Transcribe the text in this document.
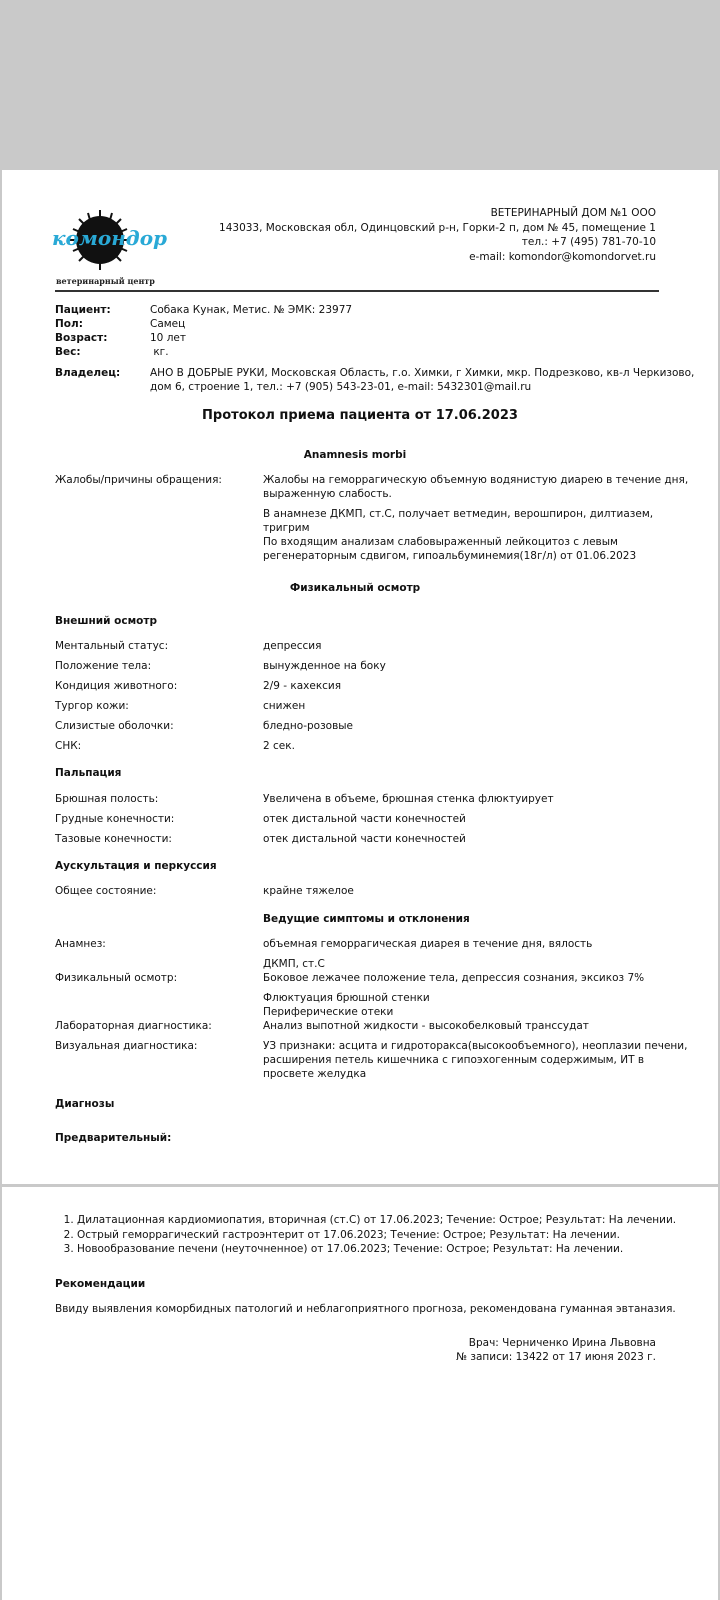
комондор
ветеринарный центр
ВЕТЕРИНАРНЫЙ ДОМ №1 ООО
143033, Московская обл, Одинцовский р-н, Горки-2 п, дом № 45, помещение 1
тел.: +7 (495) 781-70-10
e-mail: komondor@komondorvet.ru
Пациент:	Собака Кунак, Метис. № ЭМК: 23977
Пол:	Самец
Возраст:	10 лет
Вес:	кг.
Владелец:	АНО В ДОБРЫЕ РУКИ, Московская Область, г.о. Химки, г Химки, мкр. Подрезково, кв-л Черкизово,
дом 6, строение 1, тел.: +7 (905) 543-23-01, e-mail: 5432301@mail.ru
Протокол приема пациента от 17.06.2023
Anamnesis morbi
Жалобы/причины обращения:	Жалобы на геморрагическую объемную водянистую диарею в течение дня,
выраженную слабость.
В анамнезе ДКМП, ст.С, получает ветмедин, верошпирон, дилтиазем,
тригрим
По входящим анализам слабовыраженный лейкоцитоз с левым
регенераторным сдвигом, гипоальбуминемия(18г/л) от 01.06.2023
Физикальный осмотр
Внешний осмотр
Ментальный статус:	депрессия
Положение тела:	вынужденное на боку
Кондиция животного:	2/9 - кахексия
Тургор кожи:	снижен
Слизистые оболочки:	бледно-розовые
СНК:	2 сек.
Пальпация
Брюшная полость:	Увеличена в объеме, брюшная стенка флюктуирует
Грудные конечности:	отек дистальной части конечностей
Тазовые конечности:	отек дистальной части конечностей
Аускультация и перкуссия
Общее состояние:	крайне тяжелое
Ведущие симптомы и отклонения
Анамнез:	объемная геморрагическая диарея в течение дня, вялость
ДКМП, ст.С
Физикальный осмотр:	Боковое лежачее положение тела, депрессия сознания, эксикоз 7%
Флюктуация брюшной стенки
Периферические отеки
Лабораторная диагностика:	Анализ выпотной жидкости - высокобелковый транссудат
Визуальная диагностика:	УЗ признаки: асцита и гидроторакса(высокообъемного), неоплазии печени,
расширения петель кишечника с гипоэхогенным содержимым, ИТ в
просвете желудка
Диагнозы
Предварительный:
1. Дилатационная кардиомиопатия, вторичная (ст.С) от 17.06.2023; Течение: Острое; Результат: На лечении.
2. Острый геморрагический гастроэнтерит от 17.06.2023; Течение: Острое; Результат: На лечении.
3. Новообразование печени (неуточненное) от 17.06.2023; Течение: Острое; Результат: На лечении.
Рекомендации
Ввиду выявления коморбидных патологий и неблагоприятного прогноза, рекомендована гуманная эвтаназия.
Врач: Черниченко Ирина Львовна
№ записи: 13422 от 17 июня 2023 г.
